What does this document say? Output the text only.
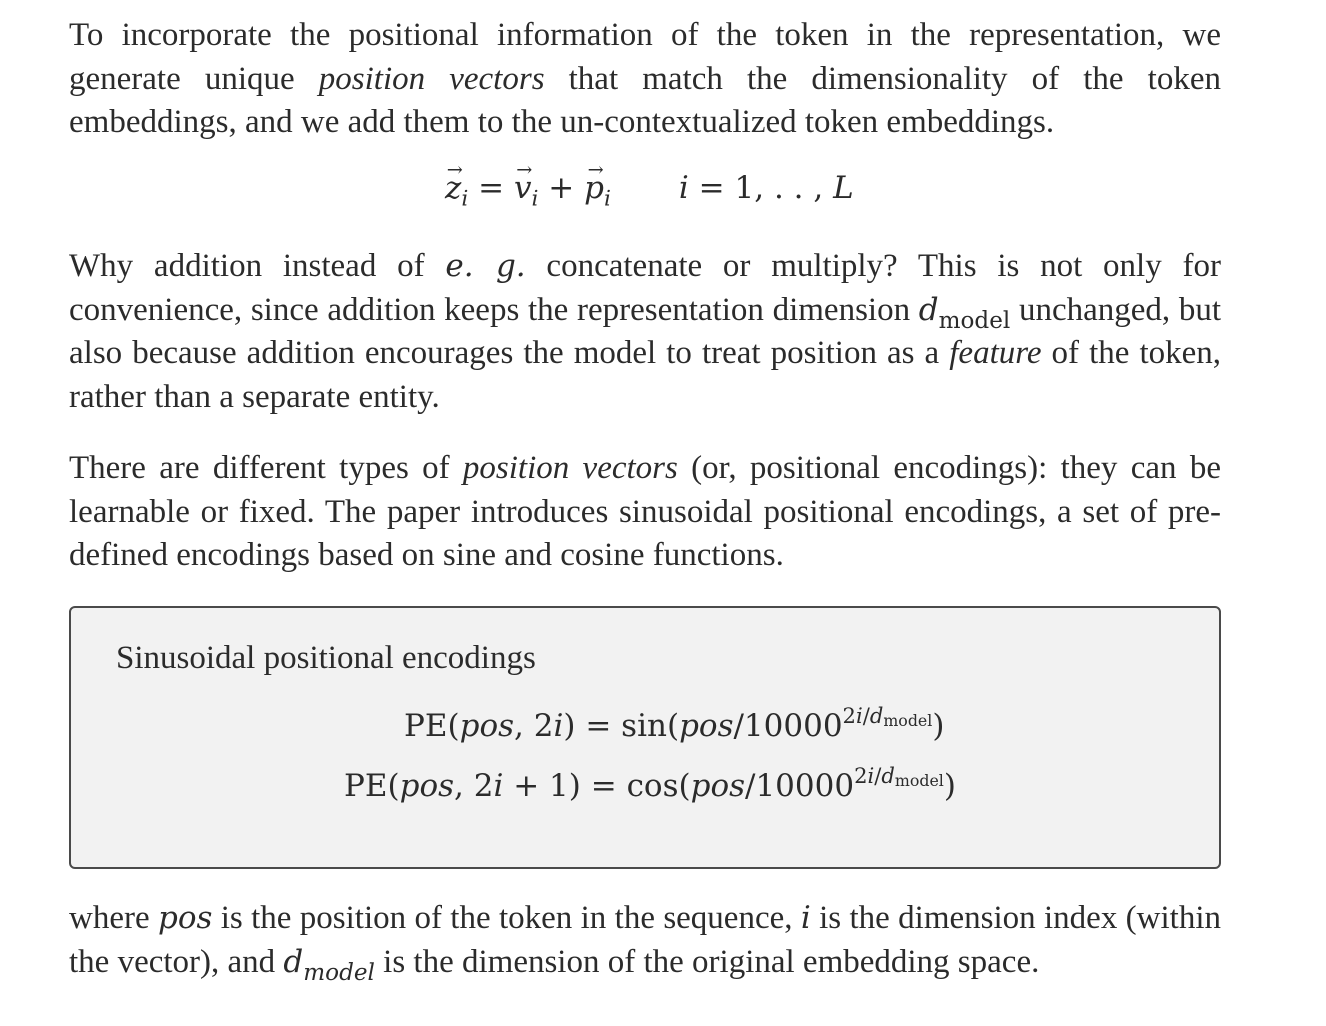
To incorporate the positional information of the token in the representation, we generate unique position vectors that match the dimensionality of the token embeddings, and we add them to the un-contextualized token embeddings.

→ $z_i$ = → $v_i$ + → $p_i$ i = 1, . . , L

Why addition instead of e. g. concatenate or multiply? This is not only for convenience, since addition keeps the representation dimension $d_{model}$ unchanged, but also because addition encourages the model to treat position as a feature of the token, rather than a separate entity.

There are different types of position vectors (or, positional encodings): they can be learnable or fixed. The paper introduces sinusoidal positional encodings, a set of pre-defined encodings based on sine and cosine functions.

Sinusoidal positional encodings
PE(pos, $2i) = \sin(pos/10000^{2i/dmodel})$
PE(pos, $2i + 1) = \cos(pos/10000^{2i/dmodel})$

where pos is the position of the token in the sequence, i is the dimension index (within the vector), and $d_{model}$ is the dimension of the original embedding space.
